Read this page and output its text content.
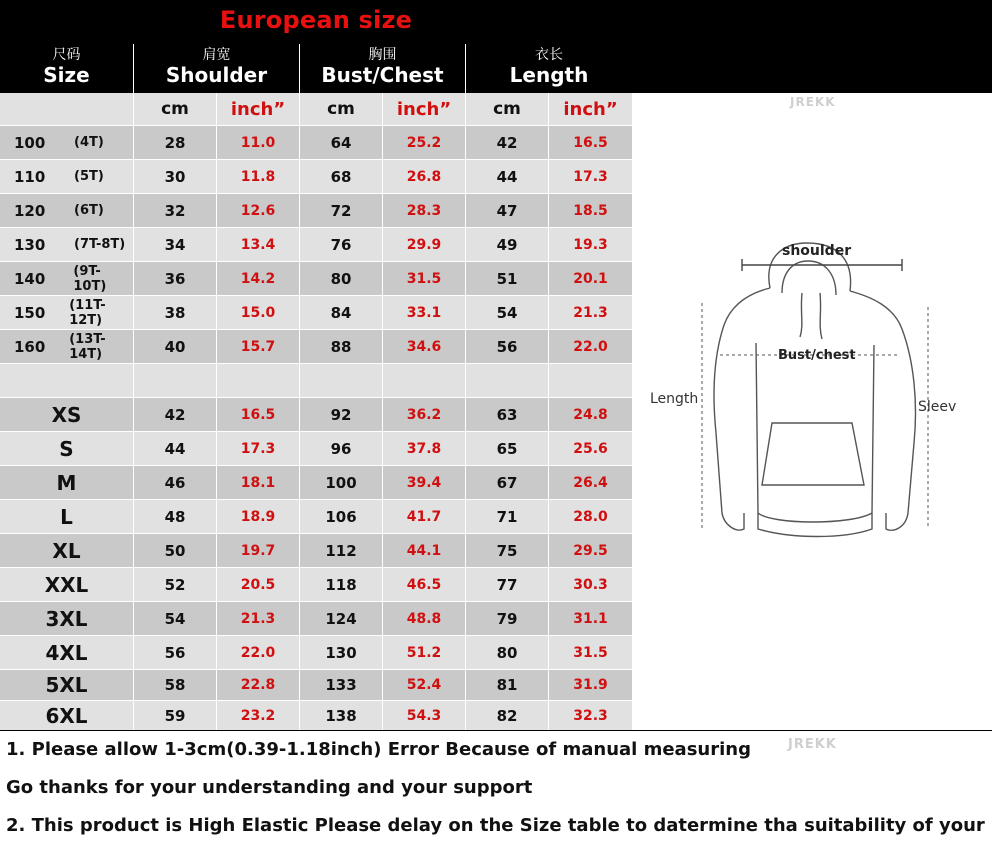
European size
尺码
Size
肩宽
Shoulder
胸围
Bust/Chest
衣长
Length
cm	inch”	cm	inch”	cm	inch”
100	(4T)	28	11.0	64	25.2	42	16.5
110	(5T)	30	11.8	68	26.8	44	17.3
120	(6T)	32	12.6	72	28.3	47	18.5
130	(7T-8T)	34	13.4	76	29.9	49	19.3
140	(9T-10T)	36	14.2	80	31.5	51	20.1
150	(11T-12T)	38	15.0	84	33.1	54	21.3
160	(13T-14T)	40	15.7	88	34.6	56	22.0
XS	42	16.5	92	36.2	63	24.8
S	44	17.3	96	37.8	65	25.6
M	46	18.1	100	39.4	67	26.4
L	48	18.9	106	41.7	71	28.0
XL	50	19.7	112	44.1	75	29.5
XXL	52	20.5	118	46.5	77	30.3
3XL	54	21.3	124	48.8	79	31.1
4XL	56	22.0	130	51.2	80	31.5
5XL	58	22.8	133	52.4	81	31.9
6XL	59	23.2	138	54.3	82	32.3
JREKK
shoulder
Bust/chest
Length	Sleev
JREKK
1. Please allow 1-3cm(0.39-1.18inch) Error Because of manual measuring
Go thanks for your understanding and your support
2. This product is High Elastic Please delay on the Size table to datermine tha suitability of your
